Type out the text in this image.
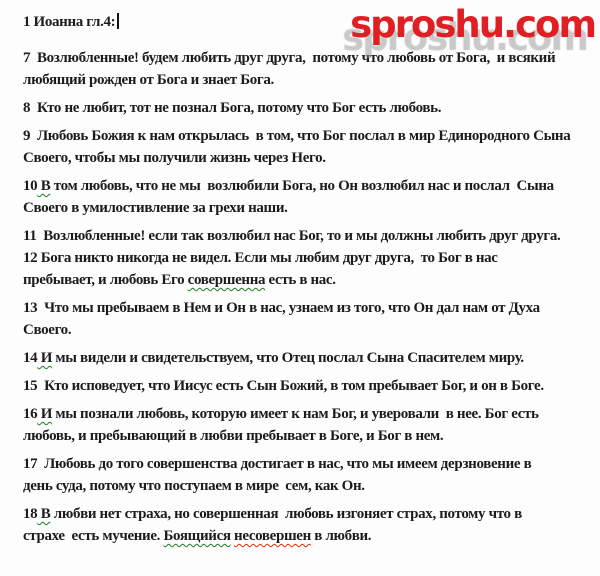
sproshu.com
1 Иоанна гл.4:
7  Возлюбленные! будем любить друг друга,  потому что любовь от Бога,  и всякий
любящий рожден от Бога и знает Бога.
8  Кто не любит, тот не познал Бога, потому что Бог есть любовь.
9  Любовь Божия к нам открылась  в том, что Бог послал в мир Единородного Сына
Своего, чтобы мы получили жизнь через Него.
10 В том любовь, что не мы  возлюбили Бога, но Он возлюбил нас и послал  Сына
Своего в умилостивление за грехи наши.
11  Возлюбленные! если так возлюбил нас Бог, то и мы должны любить друг друга.
12 Бога никто никогда не видел. Если мы любим друг друга,  то Бог в нас
пребывает, и любовь Его совершенна есть в нас.
13  Что мы пребываем в Нем и Он в нас, узнаем из того, что Он дал нам от Духа
Своего.
14 И мы видели и свидетельствуем, что Отец послал Сына Спасителем миру.
15  Кто исповедует, что Иисус есть Сын Божий, в том пребывает Бог, и он в Боге.
16 И мы познали любовь, которую имеет к нам Бог, и уверовали  в нее. Бог есть
любовь, и пребывающий в любви пребывает в Боге, и Бог в нем.
17  Любовь до того совершенства достигает в нас, что мы имеем дерзновение в
день суда, потому что поступаем в мире  сем, как Он.
18 В любви нет страха, но совершенная  любовь изгоняет страх, потому что в
страхе  есть мучение. Боящийся несовершен в любви.
